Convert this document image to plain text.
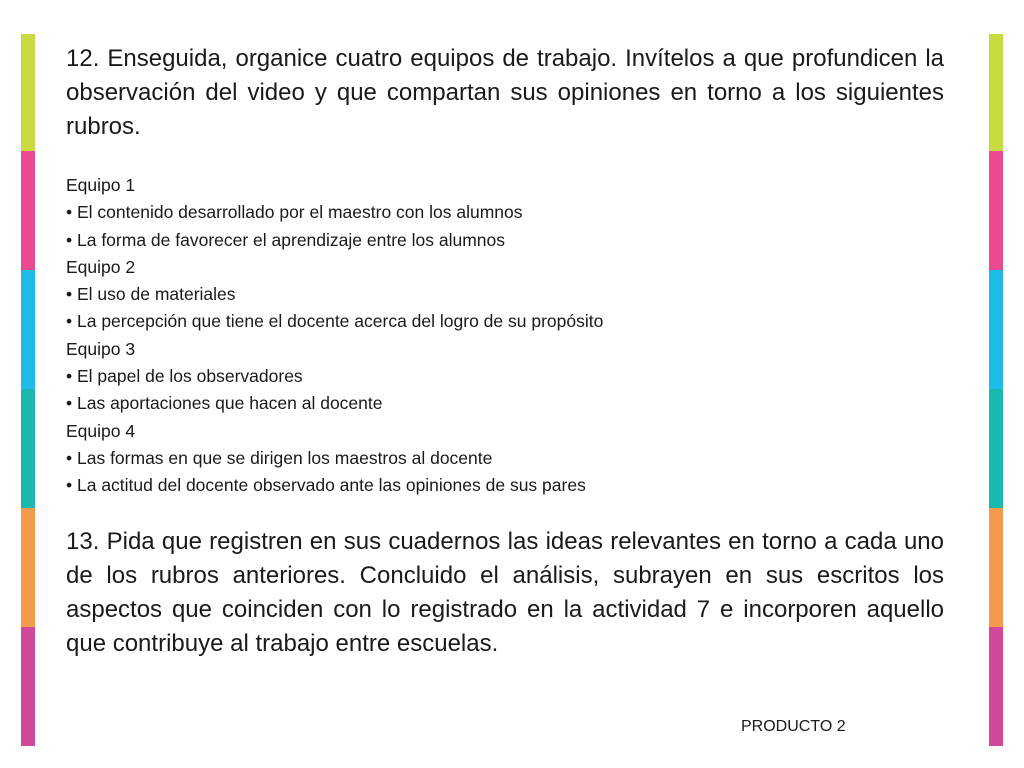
12. Enseguida, organice cuatro equipos de trabajo. Invítelos a que profundicen la observación del video y que compartan sus opiniones en torno a los siguientes rubros.

Equipo 1
• El contenido desarrollado por el maestro con los alumnos
• La forma de favorecer el aprendizaje entre los alumnos
Equipo 2
• El uso de materiales
• La percepción que tiene el docente acerca del logro de su propósito
Equipo 3
• El papel de los observadores
• Las aportaciones que hacen al docente
Equipo 4
• Las formas en que se dirigen los maestros al docente
• La actitud del docente observado ante las opiniones de sus pares

13. Pida que registren en sus cuadernos las ideas relevantes en torno a cada uno de los rubros anteriores. Concluido el análisis, subrayen en sus escritos los aspectos que coinciden con lo registrado en la actividad 7 e incorporen aquello que contribuye al trabajo entre escuelas.

PRODUCTO 2
